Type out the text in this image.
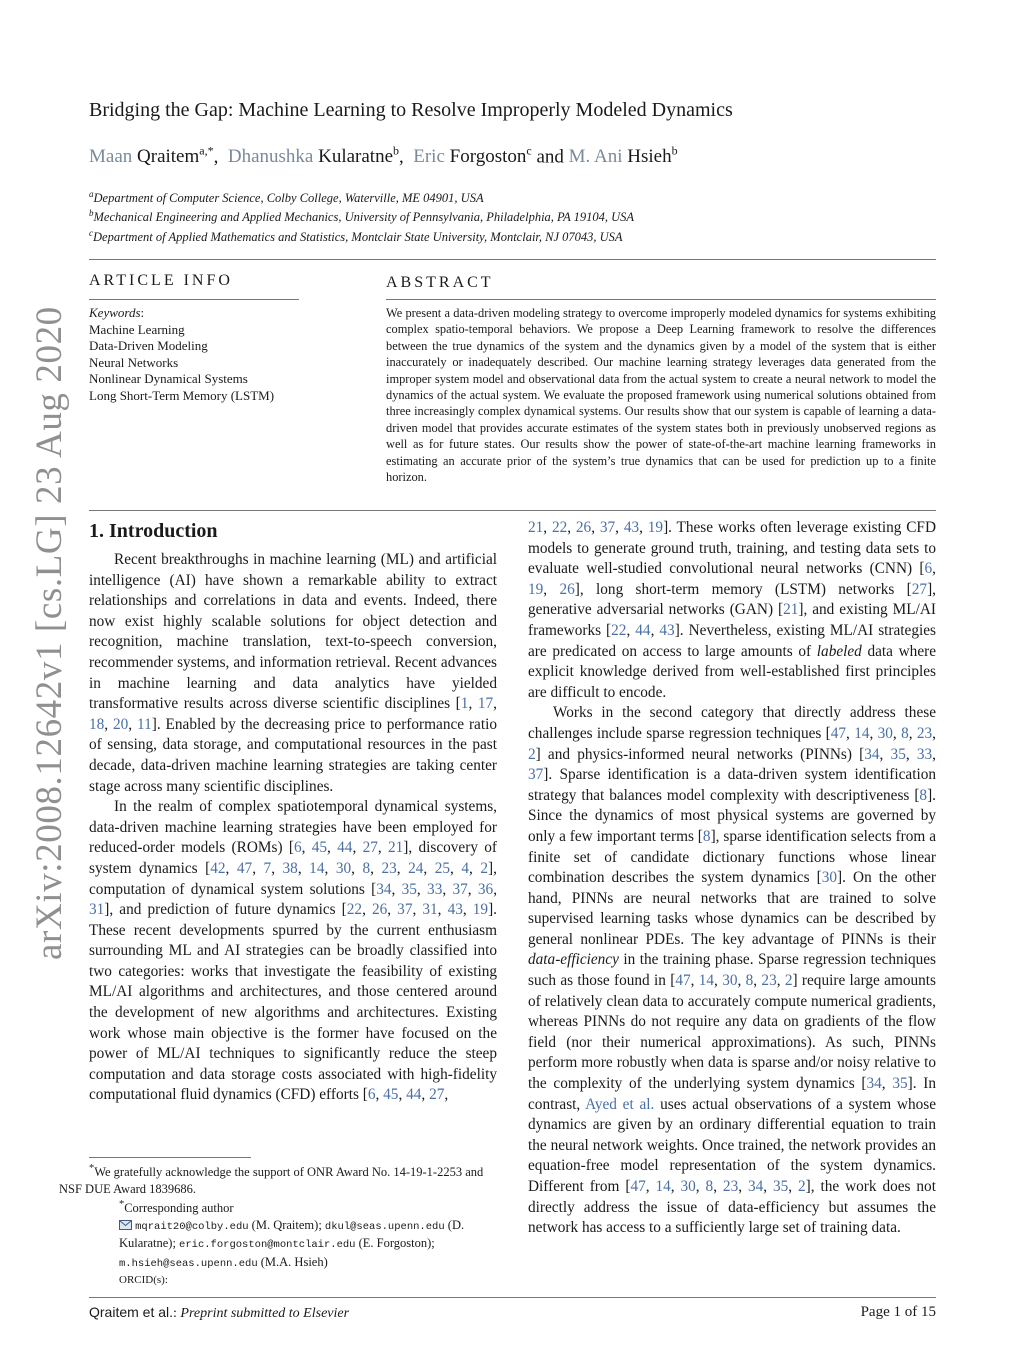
arXiv:2008.12642v1 [cs.LG] 23 Aug 2020
Bridging the Gap: Machine Learning to Resolve Improperly Modeled Dynamics
Maan Qraitem$^{a,*}$,  Dhanushka Kularatne$^b$,  Eric Forgoston$^c$ and M. Ani Hsieh$^b$
$^a$Department of Computer Science, Colby College, Waterville, ME 04901, USA
$^b$Mechanical Engineering and Applied Mechanics, University of Pennsylvania, Philadelphia, PA 19104, USA
$^c$Department of Applied Mathematics and Statistics, Montclair State University, Montclair, NJ 07043, USA
ARTICLE INFO	ABSTRACT
Keywords:
Machine Learning
Data-Driven Modeling
Neural Networks
Nonlinear Dynamical Systems
Long Short-Term Memory (LSTM)
We present a data-driven modeling strategy to overcome improperly modeled dynamics for systems exhibiting complex spatio-temporal behaviors. We propose a Deep Learning framework to resolve the differences between the true dynamics of the system and the dynamics given by a model of the system that is either inaccurately or inadequately described. Our machine learning strategy leverages data generated from the improper system model and observational data from the actual system to create a neural network to model the dynamics of the actual system. We evaluate the proposed framework using numerical solutions obtained from three increasingly complex dynamical systems. Our results show that our system is capable of learning a data-driven model that provides accurate estimates of the system states both in previously unobserved regions as well as for future states. Our results show the power of state-of-the-art machine learning frameworks in estimating an accurate prior of the system’s true dynamics that can be used for prediction up to a finite horizon.
1. Introduction

Recent breakthroughs in machine learning (ML) and artificial intelligence (AI) have shown a remarkable ability to extract relationships and correlations in data and events. Indeed, there now exist highly scalable solutions for object detection and recognition, machine translation, text-to-speech conversion, recommender systems, and information retrieval. Recent advances in machine learning and data analytics have yielded transformative results across diverse scientific disciplines [1, 17, 18, 20, 11]. Enabled by the decreasing price to performance ratio of sensing, data storage, and computational resources in the past decade, data-driven machine learning strategies are taking center stage across many scientific disciplines.

In the realm of complex spatiotemporal dynamical systems, data-driven machine learning strategies have been employed for reduced-order models (ROMs) [6, 45, 44, 27, 21], discovery of system dynamics [42, 47, 7, 38, 14, 30, 8, 23, 24, 25, 4, 2], computation of dynamical system solutions [34, 35, 33, 37, 36, 31], and prediction of future dynamics [22, 26, 37, 31, 43, 19]. These recent developments spurred by the current enthusiasm surrounding ML and AI strategies can be broadly classified into two categories: works that investigate the feasibility of existing ML/AI algorithms and architectures, and those centered around the development of new algorithms and architectures. Existing work whose main objective is the former have focused on the power of ML/AI techniques to significantly reduce the steep computation and data storage costs associated with high-fidelity computational fluid dynamics (CFD) efforts [6, 45, 44, 27,

21, 22, 26, 37, 43, 19]. These works often leverage existing CFD models to generate ground truth, training, and testing data sets to evaluate well-studied convolutional neural networks (CNN) [6, 19, 26], long short-term memory (LSTM) networks [27], generative adversarial networks (GAN) [21], and existing ML/AI frameworks [22, 44, 43]. Nevertheless, existing ML/AI strategies are predicated on access to large amounts of labeled data where explicit knowledge derived from well-established first principles are difficult to encode.

Works in the second category that directly address these challenges include sparse regression techniques [47, 14, 30, 8, 23, 2] and physics-informed neural networks (PINNs) [34, 35, 33, 37]. Sparse identification is a data-driven system identification strategy that balances model complexity with descriptiveness [8]. Since the dynamics of most physical systems are governed by only a few important terms [8], sparse identification selects from a finite set of candidate dictionary functions whose linear combination describes the system dynamics [30]. On the other hand, PINNs are neural networks that are trained to solve supervised learning tasks whose dynamics can be described by general nonlinear PDEs. The key advantage of PINNs is their data-efficiency in the training phase. Sparse regression techniques such as those found in [47, 14, 30, 8, 23, 2] require large amounts of relatively clean data to accurately compute numerical gradients, whereas PINNs do not require any data on gradients of the flow field (nor their numerical approximations). As such, PINNs perform more robustly when data is sparse and/or noisy relative to the complexity of the underlying system dynamics [34, 35]. In contrast, Ayed et al. uses actual observations of a system whose dynamics are given by an ordinary differential equation to train the neural network weights. Once trained, the network provides an equation-free model representation of the system dynamics. Different from [47, 14, 30, 8, 23, 34, 35, 2], the work does not directly address the issue of data-efficiency but assumes the network has access to a sufficiently large set of training data.

*We gratefully acknowledge the support of ONR Award No. 14-19-1-2253 and NSF DUE Award 1839686.
*Corresponding author
mqrait20@colby.edu (M. Qraitem); dkul@seas.upenn.edu (D. Kularatne); eric.forgoston@montclair.edu (E. Forgoston); m.hsieh@seas.upenn.edu (M.A. Hsieh)
ORCID(s):
Qraitem et al.: Preprint submitted to Elsevier	Page 1 of 15
